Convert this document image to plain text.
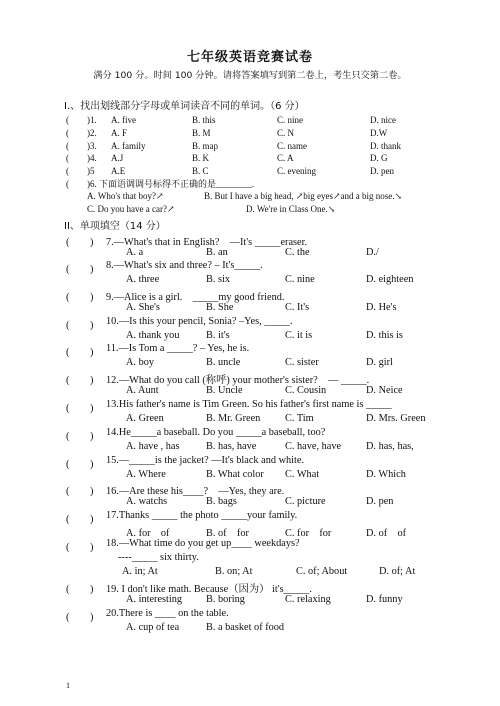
七年级英语竞赛试卷
满分 100 分。时间 100 分钟。请将答案填写到第二卷上，考生只交第二卷。
I.、找出划线部分字母或单词读音不同的单词。（6 分）
( )1. A. five	B. this	C. nine	D. nice
( )2. A. F	B. M	C. N	D.W
( )3. A. family	B. map	C. name	D. thank
( )4. A.J	B. K	C. A	D. G
( )5 A.E	B. C	C. evening	D. pen
( )6. 下面语调调号标得不正确的是________.
A. Who's that boy?↗	B. But I have a big head, ↗big eyes↗and a big nose.↘
C. Do you have a car?↗	D. We're in Class One.↘
II、单项填空（14 分）
(　　) 7.—What's that in English?　—It's _____eraser.
A. a	B. an	C. the	D./
(　　) 8.—What's six and three? – It's_____.
A. three	B. six	C. nine	D. eighteen
(　　) 9.—Alice is a girl.　_____my good friend.
A. She's	B. She	C. It's	D. He's
(　　) 10.—Is this your pencil, Sonia? –Yes, _____.
A. thank you	B. it's	C. it is	D. this is
(　　) 11.—Is Tom a _____? – Yes, he is.
A. boy	B. uncle	C. sister	D. girl
(　　) 12.—What do you call (称呼) your mother's sister?　— _____.
A. Aunt	B. Uncle	C. Cousin	D. Neice
(　　) 13.His father's name is Tim Green. So his father's first name is _____
A. Green	B. Mr. Green C. Tim	D. Mrs. Green
(　　) 14.He_____a baseball. Do you _____a baseball, too?
A. have , has	B. has, have	C. have, have D. has, has,
(　　) 15.—_____is the jacket? —It's black and white.
A. Where	B. What color C. What	D. Which
(　　) 16.—Are these his____?　—Yes, they are.
A. watchs	B. bags	C. picture	D. pen
(　　) 17.Thanks _____ the photo _____your family.
A. for　of	B. of　for	C. for　for	D. of　of
(　　) 18.—What time do you get up____ weekdays?
----_____ six thirty.
A. in; At	B. on; At	C. of; About	D. of; At
(　　) 19. I don't like math. Because（因为） it's_____.
A. interesting B. boring	C. relaxing	D. funny
(　　) 20.There is ____ on the table.
A. cup of tea	B. a basket of food
1
